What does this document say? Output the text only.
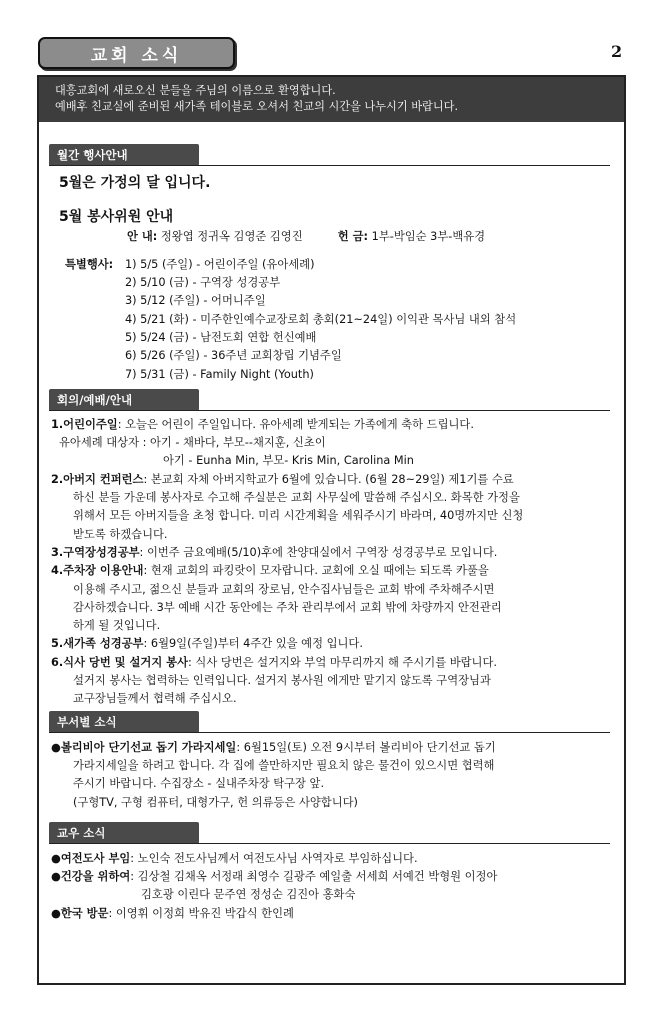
교회 소식	2
대흥교회에 새로오신 분들을 주님의 이름으로 환영합니다.
예배후 친교실에 준비된 새가족 테이블로 오셔서 친교의 시간을 나누시기 바랍니다.
월간 행사안내
5월은 가정의 달 입니다.
5월 봉사위원 안내
안 내: 정왕엽 정귀옥 김영준 김영진	헌 금: 1부-박임순 3부-백유경
특별행사: 1) 5/5 (주일) - 어린이주일 (유아세례)
2) 5/10 (금) - 구역장 성경공부
3) 5/12 (주일) - 어머니주일
4) 5/21 (화) - 미주한인예수교장로회 총회(21~24일) 이익관 목사님 내외 참석
5) 5/24 (금) - 남전도회 연합 헌신예배
6) 5/26 (주일) - 36주년 교회창립 기념주일
7) 5/31 (금) - Family Night (Youth)
회의/예배/안내
1.어린이주일: 오늘은 어린이 주일입니다. 유아세례 받게되는 가족에게 축하 드립니다.
유아세례 대상자 : 아기 - 채바다, 부모--채지훈, 신초이
아기 - Eunha Min, 부모- Kris Min, Carolina Min
2.아버지 컨퍼런스: 본교회 자체 아버지학교가 6월에 있습니다. (6월 28~29일) 제1기를 수료
하신 분들 가운데 봉사자로 수고해 주실분은 교회 사무실에 말씀해 주십시오. 화목한 가정을
위해서 모든 아버지들을 초청 합니다. 미리 시간계획을 세워주시기 바라며, 40명까지만 신청
받도록 하겠습니다.
3.구역장성경공부: 이번주 금요예배(5/10)후에 찬양대실에서 구역장 성경공부로 모입니다.
4.주차장 이용안내: 현재 교회의 파킹랏이 모자랍니다. 교회에 오실 때에는 되도록 카풀을
이용해 주시고, 젊으신 분들과 교회의 장로님, 안수집사님들은 교회 밖에 주차해주시면
감사하겠습니다. 3부 예배 시간 동안에는 주차 관리부에서 교회 밖에 차량까지 안전관리
하게 될 것입니다.
5.새가족 성경공부: 6월9일(주일)부터 4주간 있을 예정 입니다.
6.식사 당번 및 설거지 봉사: 식사 당번은 설거지와 부엌 마무리까지 해 주시기를 바랍니다.
설거지 봉사는 협력하는 인력입니다. 설거지 봉사원 에게만 맡기지 않도록 구역장님과
교구장님들께서 협력해 주십시오.
부서별 소식
●볼리비아 단기선교 돕기 가라지세일: 6월15일(토) 오전 9시부터 볼리비아 단기선교 돕기
가라지세일을 하려고 합니다. 각 집에 쓸만하지만 필요치 않은 물건이 있으시면 협력해
주시기 바랍니다. 수집장소 - 실내주차장 탁구장 앞.
(구형TV, 구형 컴퓨터, 대형가구, 헌 의류등은 사양합니다)
교우 소식
●여전도사 부임: 노인숙 전도사님께서 여전도사님 사역자로 부임하십니다.
●건강을 위하여: 김상철 김채옥 서정래 최영수 길광주 예일출 서세희 서예건 박형원 이정아
김호광 이린다 문주연 정성순 김진아 홍화숙
●한국 방문: 이영휘 이정희 박유진 박갑식 한인례
